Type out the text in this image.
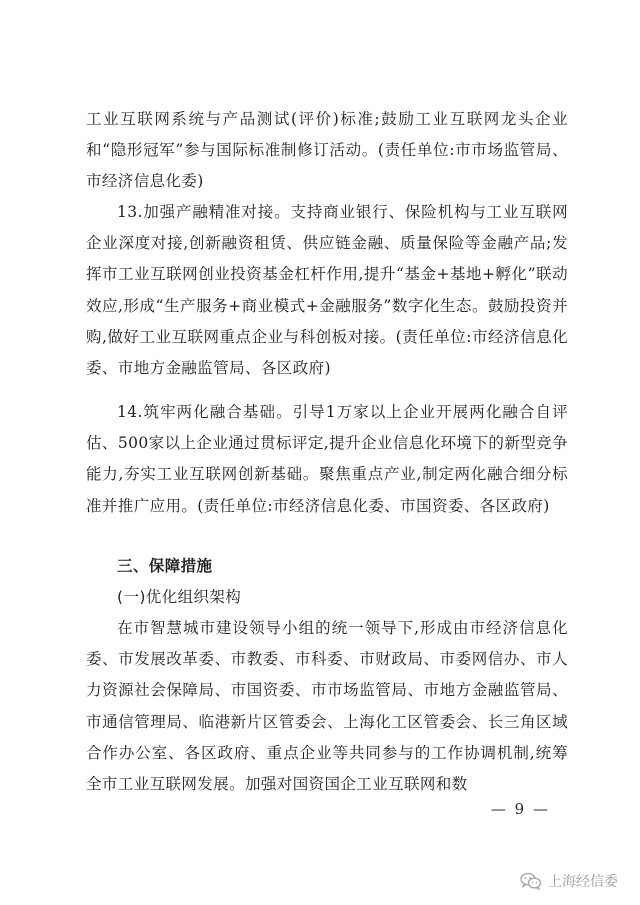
工业互联网系统与产品测试(评价)标准;鼓励工业互联网龙头企业和“隐形冠军”参与国际标准制修订活动。(责任单位:市市场监管局、市经济信息化委)

13.加强产融精准对接。支持商业银行、保险机构与工业互联网企业深度对接,创新融资租赁、供应链金融、质量保险等金融产品;发挥市工业互联网创业投资基金杠杆作用,提升“基金+基地+孵化”联动效应,形成“生产服务+商业模式+金融服务”数字化生态。鼓励投资并购,做好工业互联网重点企业与科创板对接。(责任单位:市经济信息化委、市地方金融监管局、各区政府)

14.筑牢两化融合基础。引导1万家以上企业开展两化融合自评估、500家以上企业通过贯标评定,提升企业信息化环境下的新型竞争能力,夯实工业互联网创新基础。聚焦重点产业,制定两化融合细分标准并推广应用。(责任单位:市经济信息化委、市国资委、各区政府)

三、保障措施

(一)优化组织架构

在市智慧城市建设领导小组的统一领导下,形成由市经济信息化委、市发展改革委、市教委、市科委、市财政局、市委网信办、市人力资源社会保障局、市国资委、市市场监管局、市地方金融监管局、市通信管理局、临港新片区管委会、上海化工区管委会、长三角区域合作办公室、各区政府、重点企业等共同参与的工作协调机制,统筹全市工业互联网发展。加强对国资国企工业互联网和数

— 9 —
上海经信委
